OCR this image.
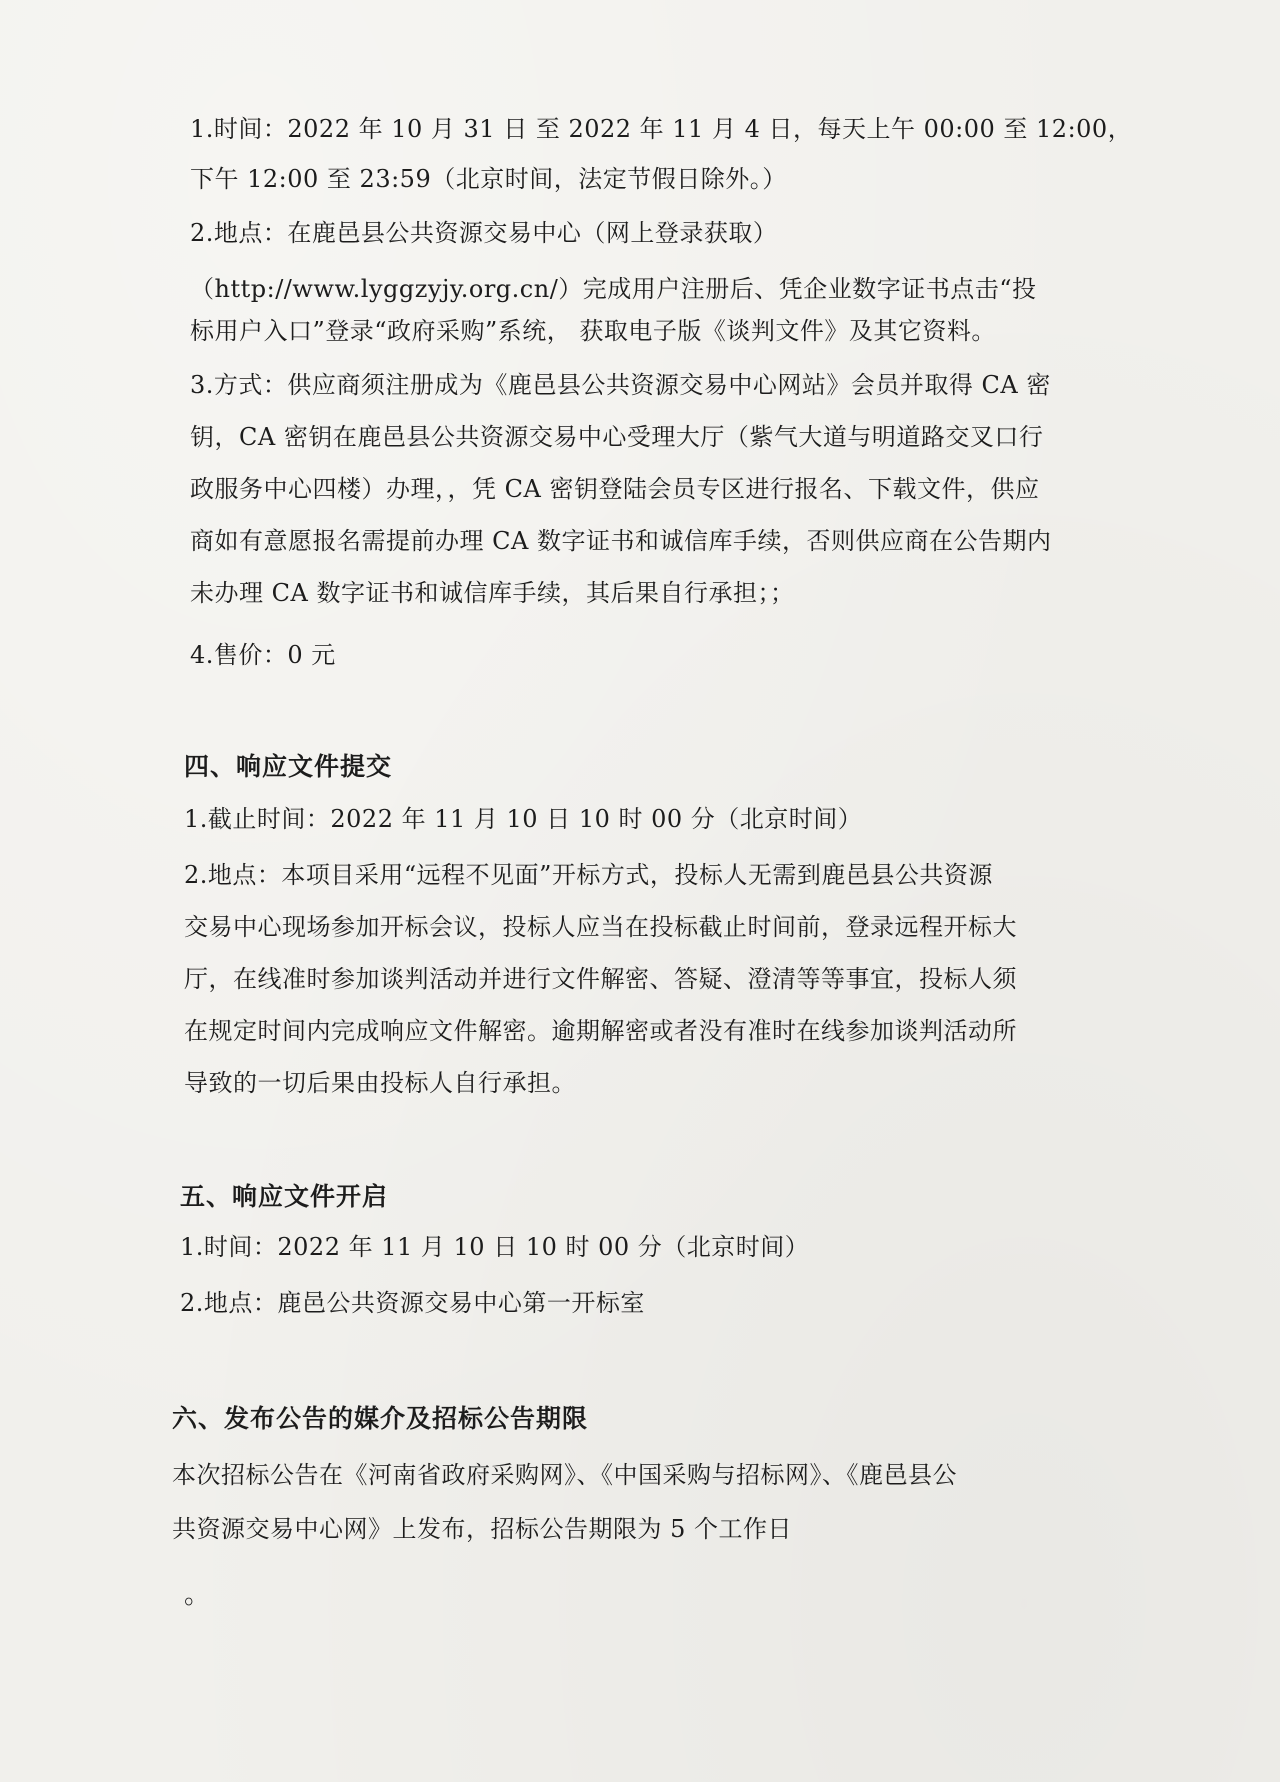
1.时间：2022 年 10 月 31 日 至 2022 年 11 月 4 日，每天上午 00:00 至 12:00，
下午 12:00 至 23:59（北京时间，法定节假日除外。）
2.地点：在鹿邑县公共资源交易中心（网上登录获取）
（http://www.lyggzyjy.org.cn/）完成用户注册后、凭企业数字证书点击“投
标用户入口”登录“政府采购”系统， 获取电子版《谈判文件》及其它资料。
3.方式：供应商须注册成为《鹿邑县公共资源交易中心网站》会员并取得 CA 密
钥，CA 密钥在鹿邑县公共资源交易中心受理大厅（紫气大道与明道路交叉口行
政服务中心四楼）办理，，凭 CA 密钥登陆会员专区进行报名、下载文件，供应
商如有意愿报名需提前办理 CA 数字证书和诚信库手续，否则供应商在公告期内
未办理 CA 数字证书和诚信库手续，其后果自行承担；；
4.售价：0 元
四、响应文件提交
1.截止时间：2022 年 11 月 10 日 10 时 00 分（北京时间）
2.地点：本项目采用“远程不见面”开标方式，投标人无需到鹿邑县公共资源
交易中心现场参加开标会议，投标人应当在投标截止时间前，登录远程开标大
厅，在线准时参加谈判活动并进行文件解密、答疑、澄清等等事宜，投标人须
在规定时间内完成响应文件解密。逾期解密或者没有准时在线参加谈判活动所
导致的一切后果由投标人自行承担。
五、响应文件开启
1.时间：2022 年 11 月 10 日 10 时 00 分（北京时间）
2.地点：鹿邑公共资源交易中心第一开标室
六、发布公告的媒介及招标公告期限
本次招标公告在《河南省政府采购网》、《中国采购与招标网》、《鹿邑县公
共资源交易中心网》上发布，招标公告期限为 5 个工作日
。
